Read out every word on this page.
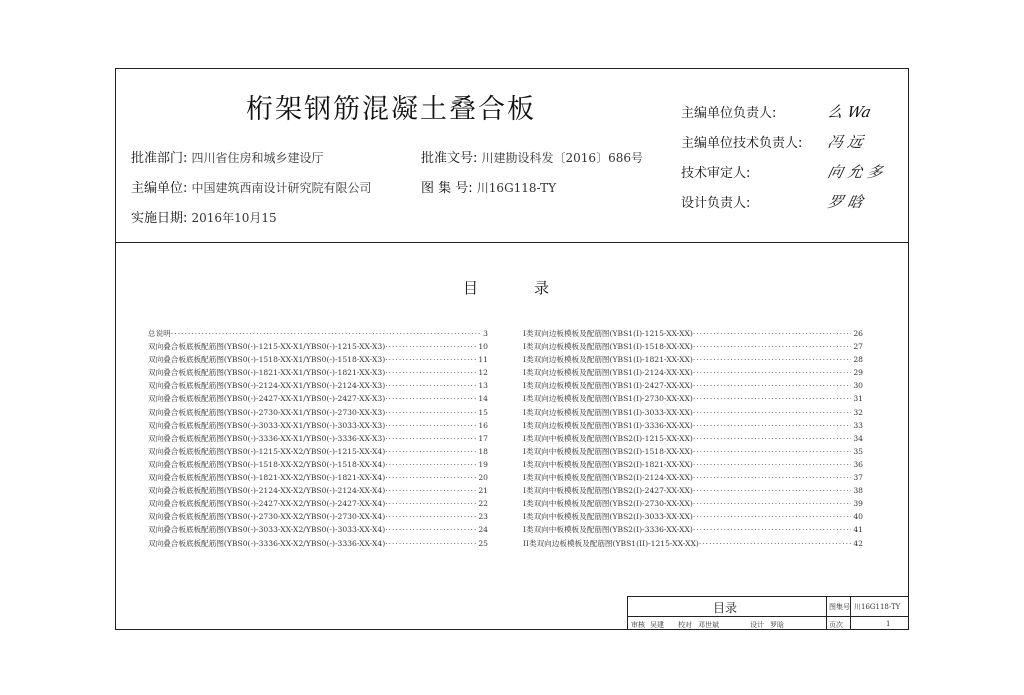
桁架钢筋混凝土叠合板
批准部门: 四川省住房和城乡建设厅	批准文号: 川建勘设科发〔2016〕686号
主编单位: 中国建筑西南设计研究院有限公司	图 集 号: 川16G118-TY
实施日期: 2016年10月15
主编单位负责人:	么 Wa
主编单位技术负责人: 冯 远
技术审定人:	向 允 多
设计负责人:	罗 晗
目	录
总说明 ·····	3
双向叠合板底板配筋图(YBS0(-)-1215-XX-X1/YBS0(-)-1215-XX-X3) ·····	10
双向叠合板底板配筋图(YBS0(-)-1518-XX-X1/YBS0(-)-1518-XX-X3) ·····	11
双向叠合板底板配筋图(YBS0(-)-1821-XX-X1/YBS0(-)-1821-XX-X3) ·····	12
双向叠合板底板配筋图(YBS0(-)-2124-XX-X1/YBS0(-)-2124-XX-X3) ·····	13
双向叠合板底板配筋图(YBS0(-)-2427-XX-X1/YBS0(-)-2427-XX-X3) ·····	14
双向叠合板底板配筋图(YBS0(-)-2730-XX-X1/YBS0(-)-2730-XX-X3) ·····	15
双向叠合板底板配筋图(YBS0(-)-3033-XX-X1/YBS0(-)-3033-XX-X3) ·····	16
双向叠合板底板配筋图(YBS0(-)-3336-XX-X1/YBS0(-)-3336-XX-X3) ·····	17
双向叠合板底板配筋图(YBS0(-)-1215-XX-X2/YBS0(-)-1215-XX-X4) ·····	18
双向叠合板底板配筋图(YBS0(-)-1518-XX-X2/YBS0(-)-1518-XX-X4) ·····	19
双向叠合板底板配筋图(YBS0(-)-1821-XX-X2/YBS0(-)-1821-XX-X4) ·····	20
双向叠合板底板配筋图(YBS0(-)-2124-XX-X2/YBS0(-)-2124-XX-X4) ·····	21
双向叠合板底板配筋图(YBS0(-)-2427-XX-X2/YBS0(-)-2427-XX-X4) ·····	22
双向叠合板底板配筋图(YBS0(-)-2730-XX-X2/YBS0(-)-2730-XX-X4) ·····	23
双向叠合板底板配筋图(YBS0(-)-3033-XX-X2/YBS0(-)-3033-XX-X4) ·····	24
双向叠合板底板配筋图(YBS0(-)-3336-XX-X2/YBS0(-)-3336-XX-X4) ·····	25
I类双向边板模板及配筋图(YBS1(I)-1215-XX-XX) ·····	26
I类双向边板模板及配筋图(YBS1(I)-1518-XX-XX) ·····	27
I类双向边板模板及配筋图(YBS1(I)-1821-XX-XX) ·····	28
I类双向边板模板及配筋图(YBS1(I)-2124-XX-XX) ·····	29
I类双向边板模板及配筋图(YBS1(I)-2427-XX-XX) ·····	30
I类双向边板模板及配筋图(YBS1(I)-2730-XX-XX) ·····	31
I类双向边板模板及配筋图(YBS1(I)-3033-XX-XX) ·····	32
I类双向边板模板及配筋图(YBS1(I)-3336-XX-XX) ·····	33
I类双向中板模板及配筋图(YBS2(I)-1215-XX-XX) ·····	34
I类双向中板模板及配筋图(YBS2(I)-1518-XX-XX) ·····	35
I类双向中板模板及配筋图(YBS2(I)-1821-XX-XX) ·····	36
I类双向中板模板及配筋图(YBS2(I)-2124-XX-XX) ·····	37
I类双向中板模板及配筋图(YBS2(I)-2427-XX-XX) ·····	38
I类双向中板模板及配筋图(YBS2(I)-2730-XX-XX) ·····	39
I类双向中板模板及配筋图(YBS2(I)-3033-XX-XX) ·····	40
I类双向中板模板及配筋图(YBS2(I)-3336-XX-XX) ·····	41
II类双向边板模板及配筋图(YBS1(II)-1215-XX-XX) ·····	42
目录	图集号 川16G118-TY
审核 吴建 校对 邓世斌	设计 罗晗	页次	1
